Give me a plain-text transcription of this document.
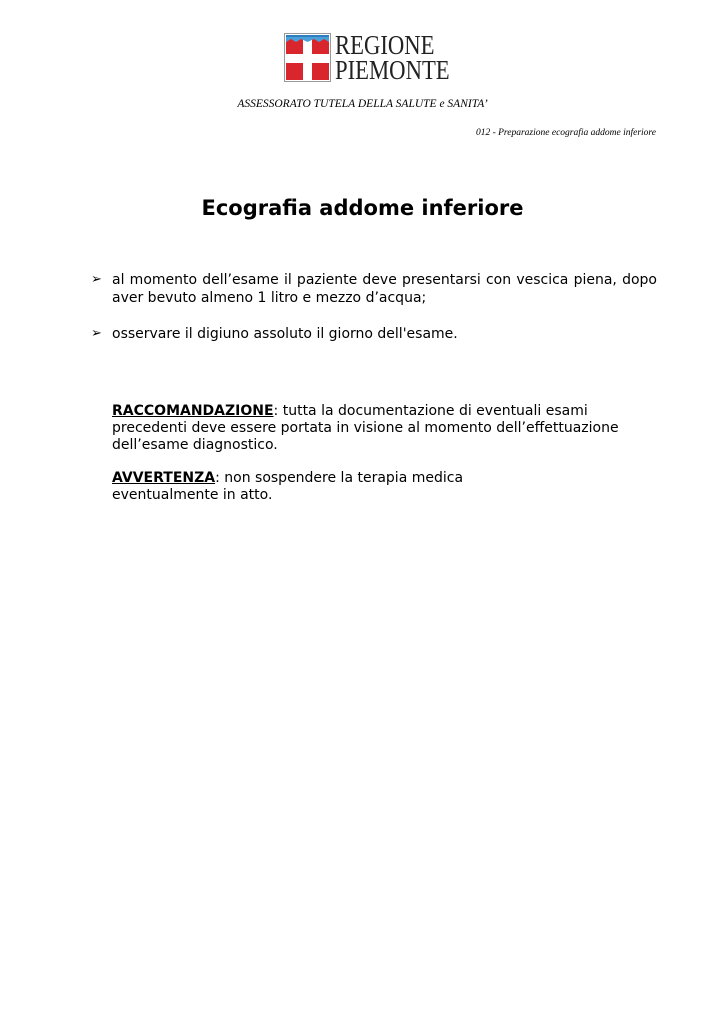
REGIONE
PIEMONTE
ASSESSORATO TUTELA DELLA SALUTE e SANITA’
012 - Preparazione ecografia addome inferiore
Ecografia addome inferiore
➢ al momento dell’esame il paziente deve presentarsi con vescica piena, dopo aver bevuto almeno 1 litro e mezzo d’acqua;
➢ osservare il digiuno assoluto il giorno dell'esame.
RACCOMANDAZIONE: tutta la documentazione di eventuali esami precedenti deve essere portata in visione al momento dell’effettuazione dell’esame diagnostico.
AVVERTENZA: non sospendere la terapia medica eventualmente in atto.
